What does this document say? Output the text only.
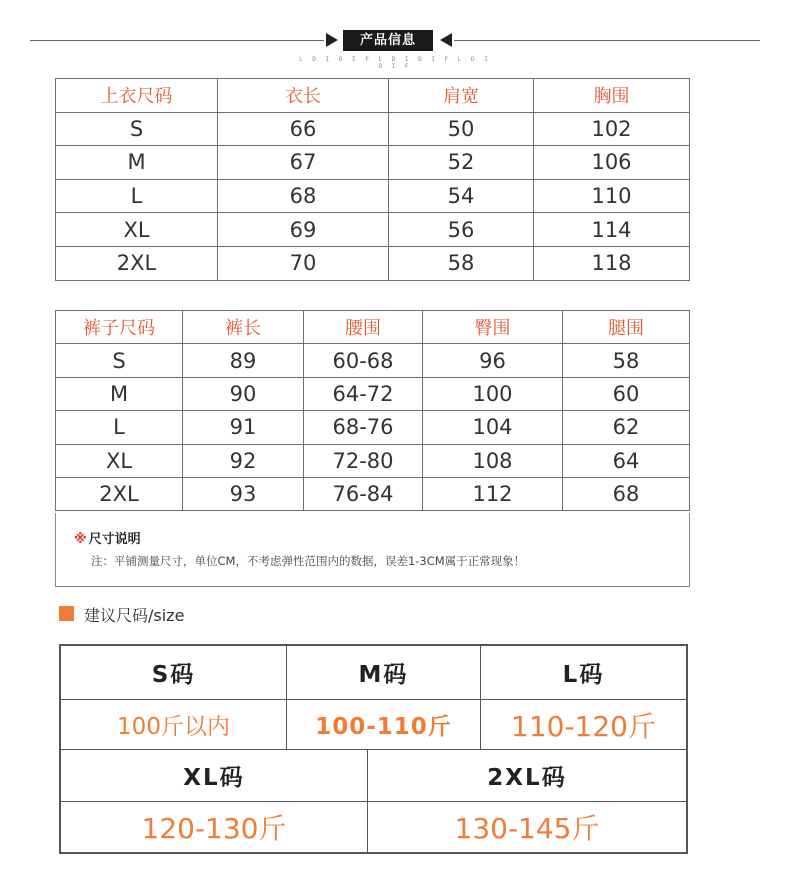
产品信息
L D I O I F L D I D I F L D I O I F
上衣尺码	衣长	肩宽	胸围
S	66	50	102
M	67	52	106
L	68	54	110
XL	69	56	114
2XL	70	58	118
裤子尺码	裤长	腰围	臀围	腿围
S	89	60-68	96	58
M	90	64-72	100	60
L	91	68-76	104	62
XL	92	72-80	108	64
2XL	93	76-84	112	68
※ 尺寸说明
注：平铺测量尺寸，单位CM，不考虑弹性范围内的数据，误差1-3CM属于正常现象！
建议尺码/size
S码	M码	L码
100斤以内	100-110斤	110-120斤
XL码	2XL码
120-130斤	130-145斤
